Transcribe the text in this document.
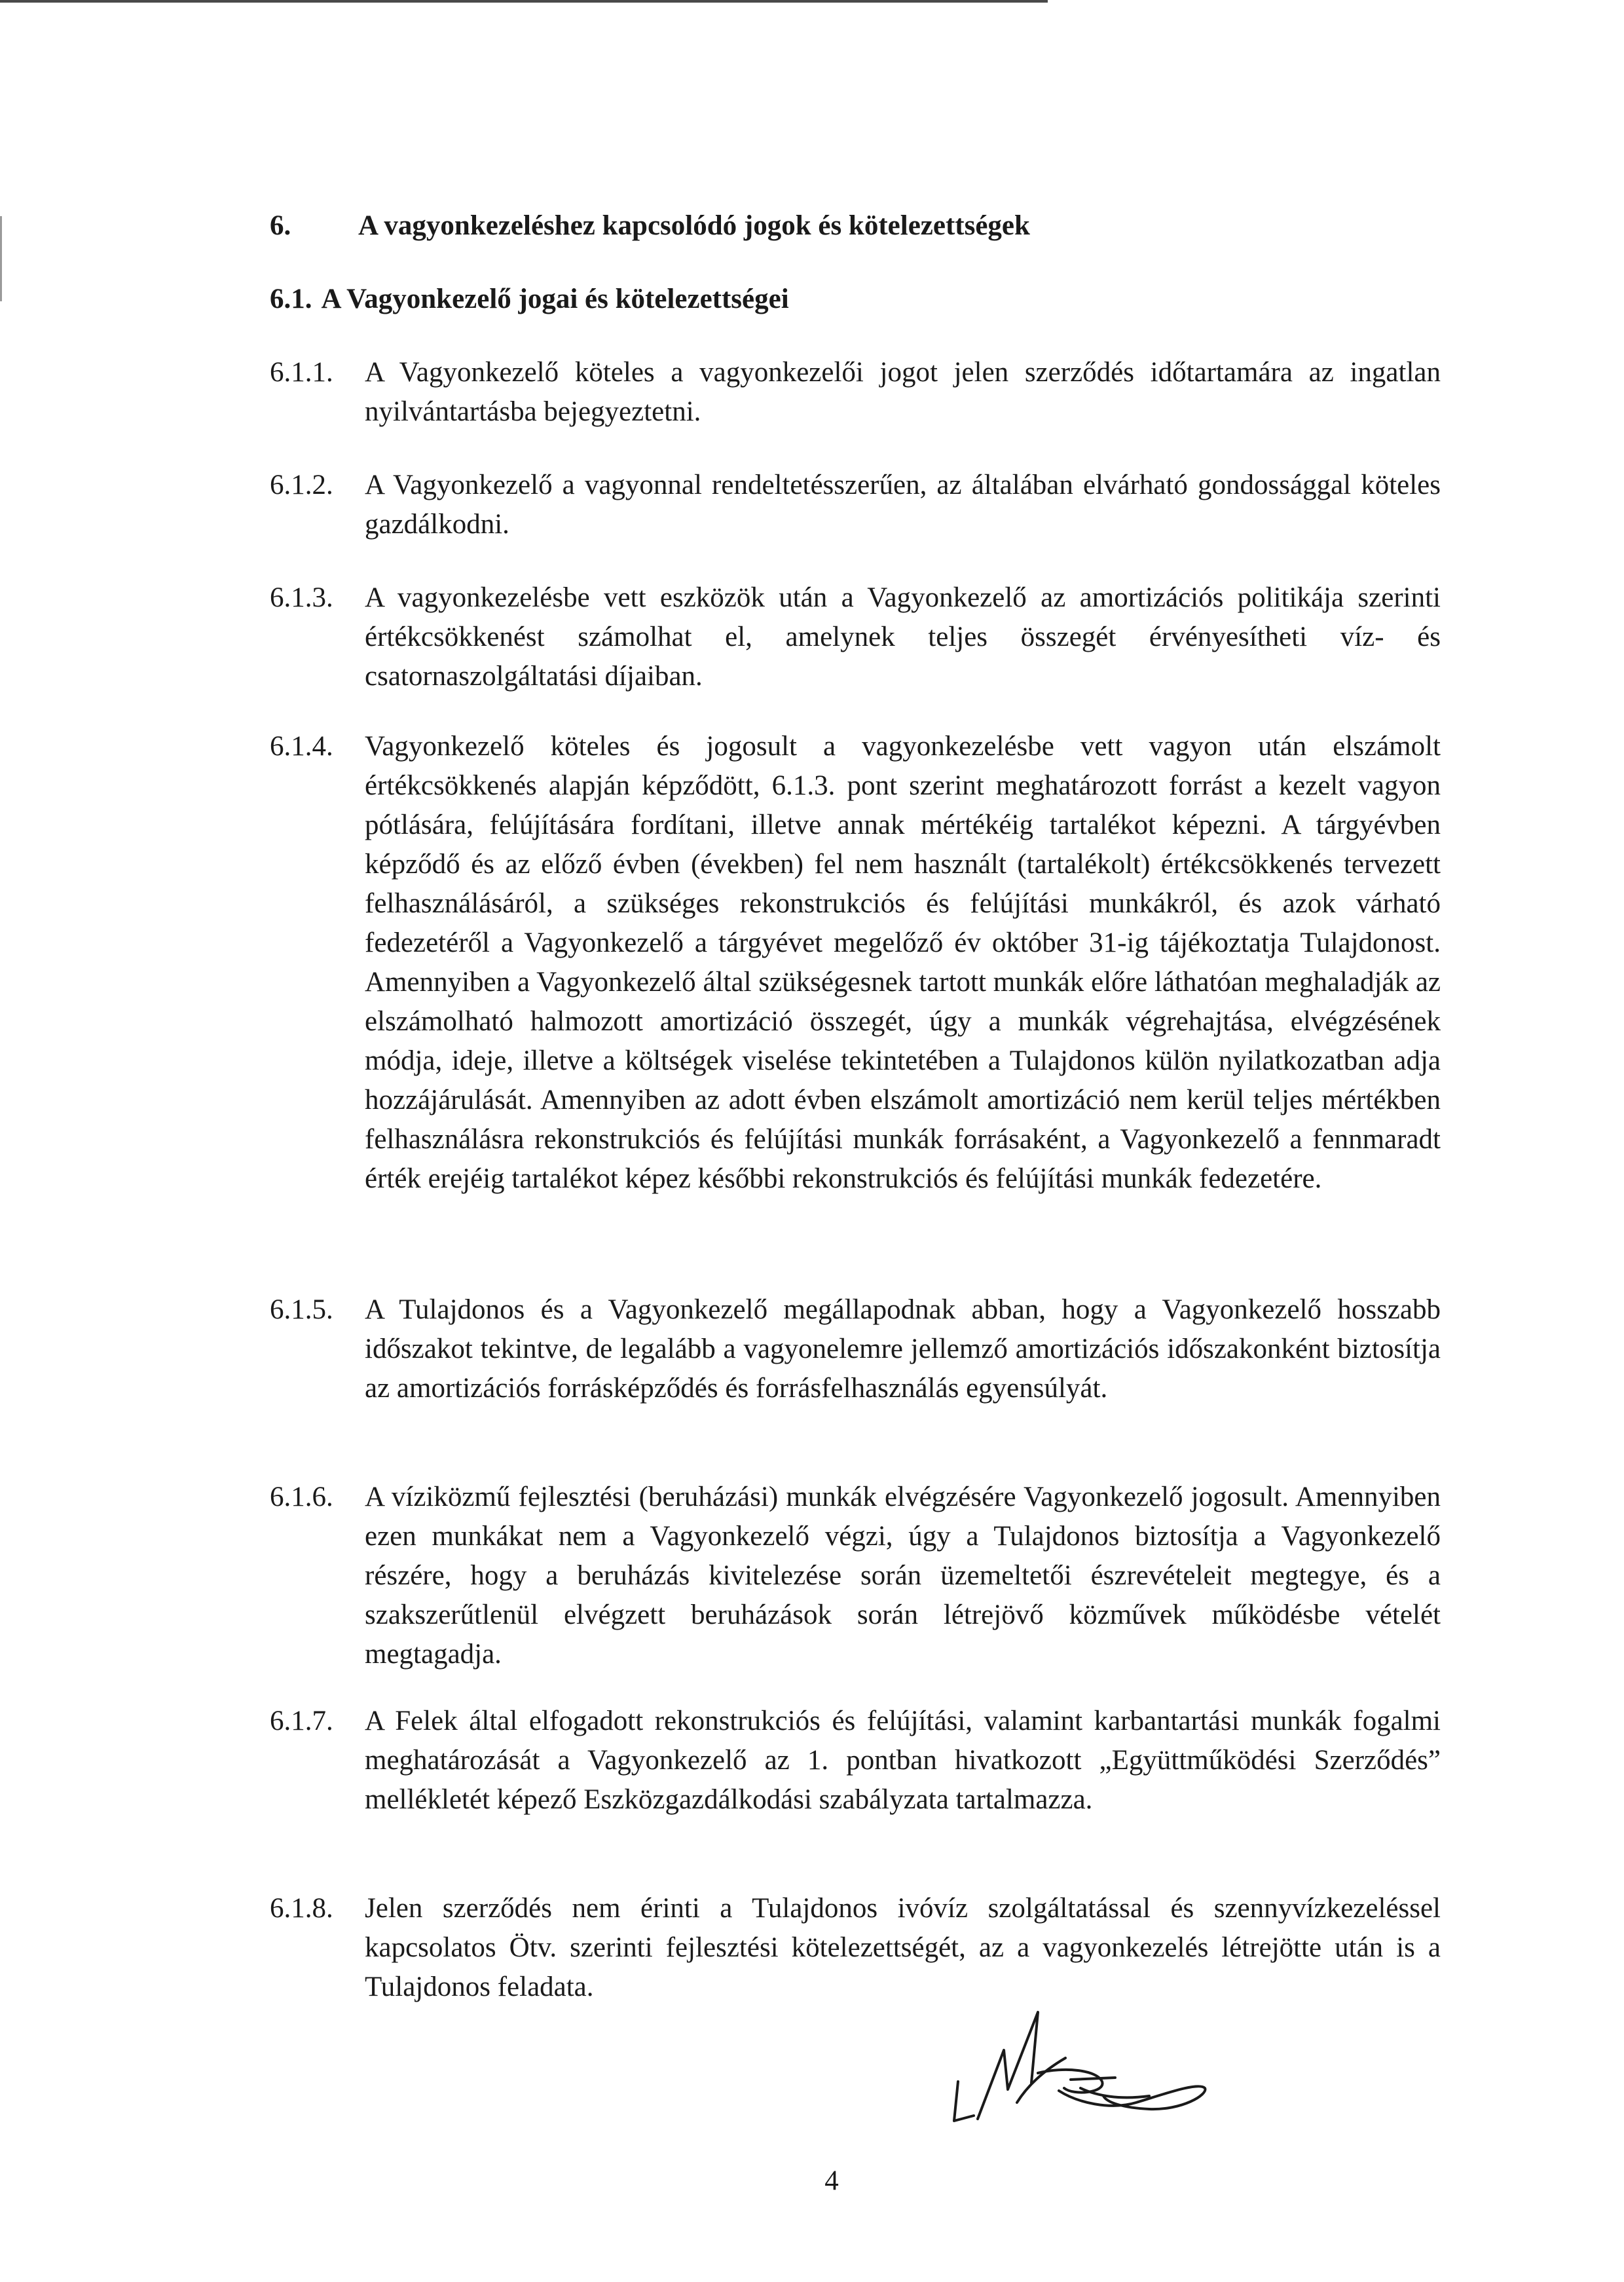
6. A vagyonkezeléshez kapcsolódó jogok és kötelezettségek
6.1. A Vagyonkezelő jogai és kötelezettségei
6.1.1. A Vagyonkezelő köteles a vagyonkezelői jogot jelen szerződés időtartamára az ingatlan nyilvántartásba bejegyeztetni.
6.1.2. A Vagyonkezelő a vagyonnal rendeltetésszerűen, az általában elvárható gondossággal köteles gazdálkodni.
6.1.3. A vagyonkezelésbe vett eszközök után a Vagyonkezelő az amortizációs politikája szerinti értékcsökkenést számolhat el, amelynek teljes összegét érvényesítheti víz- és csatornaszolgáltatási díjaiban.
6.1.4. Vagyonkezelő köteles és jogosult a vagyonkezelésbe vett vagyon után elszámolt értékcsökkenés alapján képződött, 6.1.3. pont szerint meghatározott forrást a kezelt vagyon pótlására, felújítására fordítani, illetve annak mértékéig tartalékot képezni. A tárgyévben képződő és az előző évben (években) fel nem használt (tartalékolt) értékcsökkenés tervezett felhasználásáról, a szükséges rekonstrukciós és felújítási munkákról, és azok várható fedezetéről a Vagyonkezelő a tárgyévet megelőző év október 31-ig tájékoztatja Tulajdonost. Amennyiben a Vagyonkezelő által szükségesnek tartott munkák előre láthatóan meghaladják az elszámolható halmozott amortizáció összegét, úgy a munkák végrehajtása, elvégzésének módja, ideje, illetve a költségek viselése tekintetében a Tulajdonos külön nyilatkozatban adja hozzájárulását. Amennyiben az adott évben elszámolt amortizáció nem kerül teljes mértékben felhasználásra rekonstrukciós és felújítási munkák forrásaként, a Vagyonkezelő a fennmaradt érték erejéig tartalékot képez későbbi rekonstrukciós és felújítási munkák fedezetére.
6.1.5. A Tulajdonos és a Vagyonkezelő megállapodnak abban, hogy a Vagyonkezelő hosszabb időszakot tekintve, de legalább a vagyonelemre jellemző amortizációs időszakonként biztosítja az amortizációs forrásképződés és forrásfelhasználás egyensúlyát.
6.1.6. A víziközmű fejlesztési (beruházási) munkák elvégzésére Vagyonkezelő jogosult. Amennyiben ezen munkákat nem a Vagyonkezelő végzi, úgy a Tulajdonos biztosítja a Vagyonkezelő részére, hogy a beruházás kivitelezése során üzemeltetői észrevételeit megtegye, és a szakszerűtlenül elvégzett beruházások során létrejövő közművek működésbe vételét megtagadja.
6.1.7. A Felek által elfogadott rekonstrukciós és felújítási, valamint karbantartási munkák fogalmi meghatározását a Vagyonkezelő az 1. pontban hivatkozott „Együttműködési Szerződés” mellékletét képező Eszközgazdálkodási szabályzata tartalmazza.
6.1.8. Jelen szerződés nem érinti a Tulajdonos ivóvíz szolgáltatással és szennyvízkezeléssel kapcsolatos Ötv. szerinti fejlesztési kötelezettségét, az a vagyonkezelés létrejötte után is a Tulajdonos feladata.
4
